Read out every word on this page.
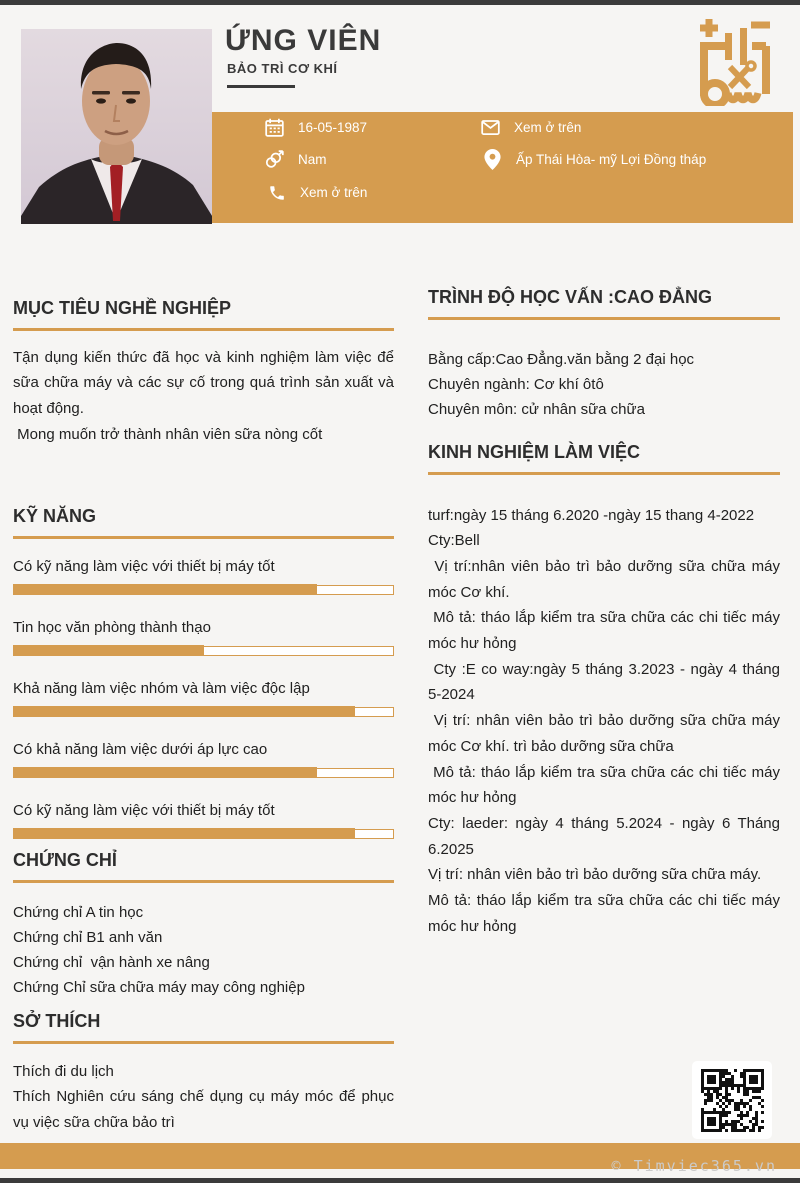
© Timviec365.vn
ỨNG VIÊN
BẢO TRÌ CƠ KHÍ
16-05-1987
Nam
Xem ở trên
Xem ở trên
Ấp Thái Hòa- mỹ Lợi Đồng tháp
MỤC TIÊU NGHỀ NGHIỆP
Tận dụng kiến thức đã học và kinh nghiệm làm việc để sữa chữa máy và các sự cố trong quá trình sản xuất và hoạt động.
Mong muốn trở thành nhân viên sữa nòng cốt
KỸ NĂNG
Có kỹ năng làm việc với thiết bị máy tốt
Tin học văn phòng thành thạo
Khả năng làm việc nhóm và làm việc độc lập
Có khả năng làm việc dưới áp lực cao
Có kỹ năng làm việc với thiết bị máy tốt
CHỨNG CHỈ
Chứng chỉ A tin học
Chứng chỉ B1 anh văn
Chứng chỉ  vận hành xe nâng
Chứng Chỉ sữa chữa máy may công nghiệp
SỞ THÍCH
Thích đi du lịch
Thích Nghiên cứu sáng chế dụng cụ máy móc để phục vụ việc sữa chữa bảo trì
TRÌNH ĐỘ HỌC VẤN :CAO ĐẲNG
Bằng cấp:Cao Đẳng.văn bằng 2 đại học
Chuyên ngành: Cơ khí ôtô
Chuyên môn: cử nhân sữa chữa
KINH NGHIỆM LÀM VIỆC
turf:ngày 15 tháng 6.2020 -ngày 15 thang 4-2022
Cty:Bell
Vị trí:nhân viên bảo trì bảo dưỡng sữa chữa máy móc Cơ khí.
Mô tả: tháo lắp kiểm tra sữa chữa các chi tiếc máy móc hư hỏng
Cty :E co way:ngày 5 tháng 3.2023 - ngày 4 tháng 5-2024
Vị trí: nhân viên bảo trì bảo dưỡng sữa chữa máy móc Cơ khí. trì bảo dưỡng sữa chữa
Mô tả: tháo lắp kiểm tra sữa chữa các chi tiếc máy móc hư hỏng
Cty: laeder: ngày 4 tháng 5.2024 - ngày 6 Tháng 6.2025
Vị trí: nhân viên bảo trì bảo dưỡng sữa chữa máy.
Mô tả: tháo lắp kiểm tra sữa chữa các chi tiếc máy móc hư hỏng
